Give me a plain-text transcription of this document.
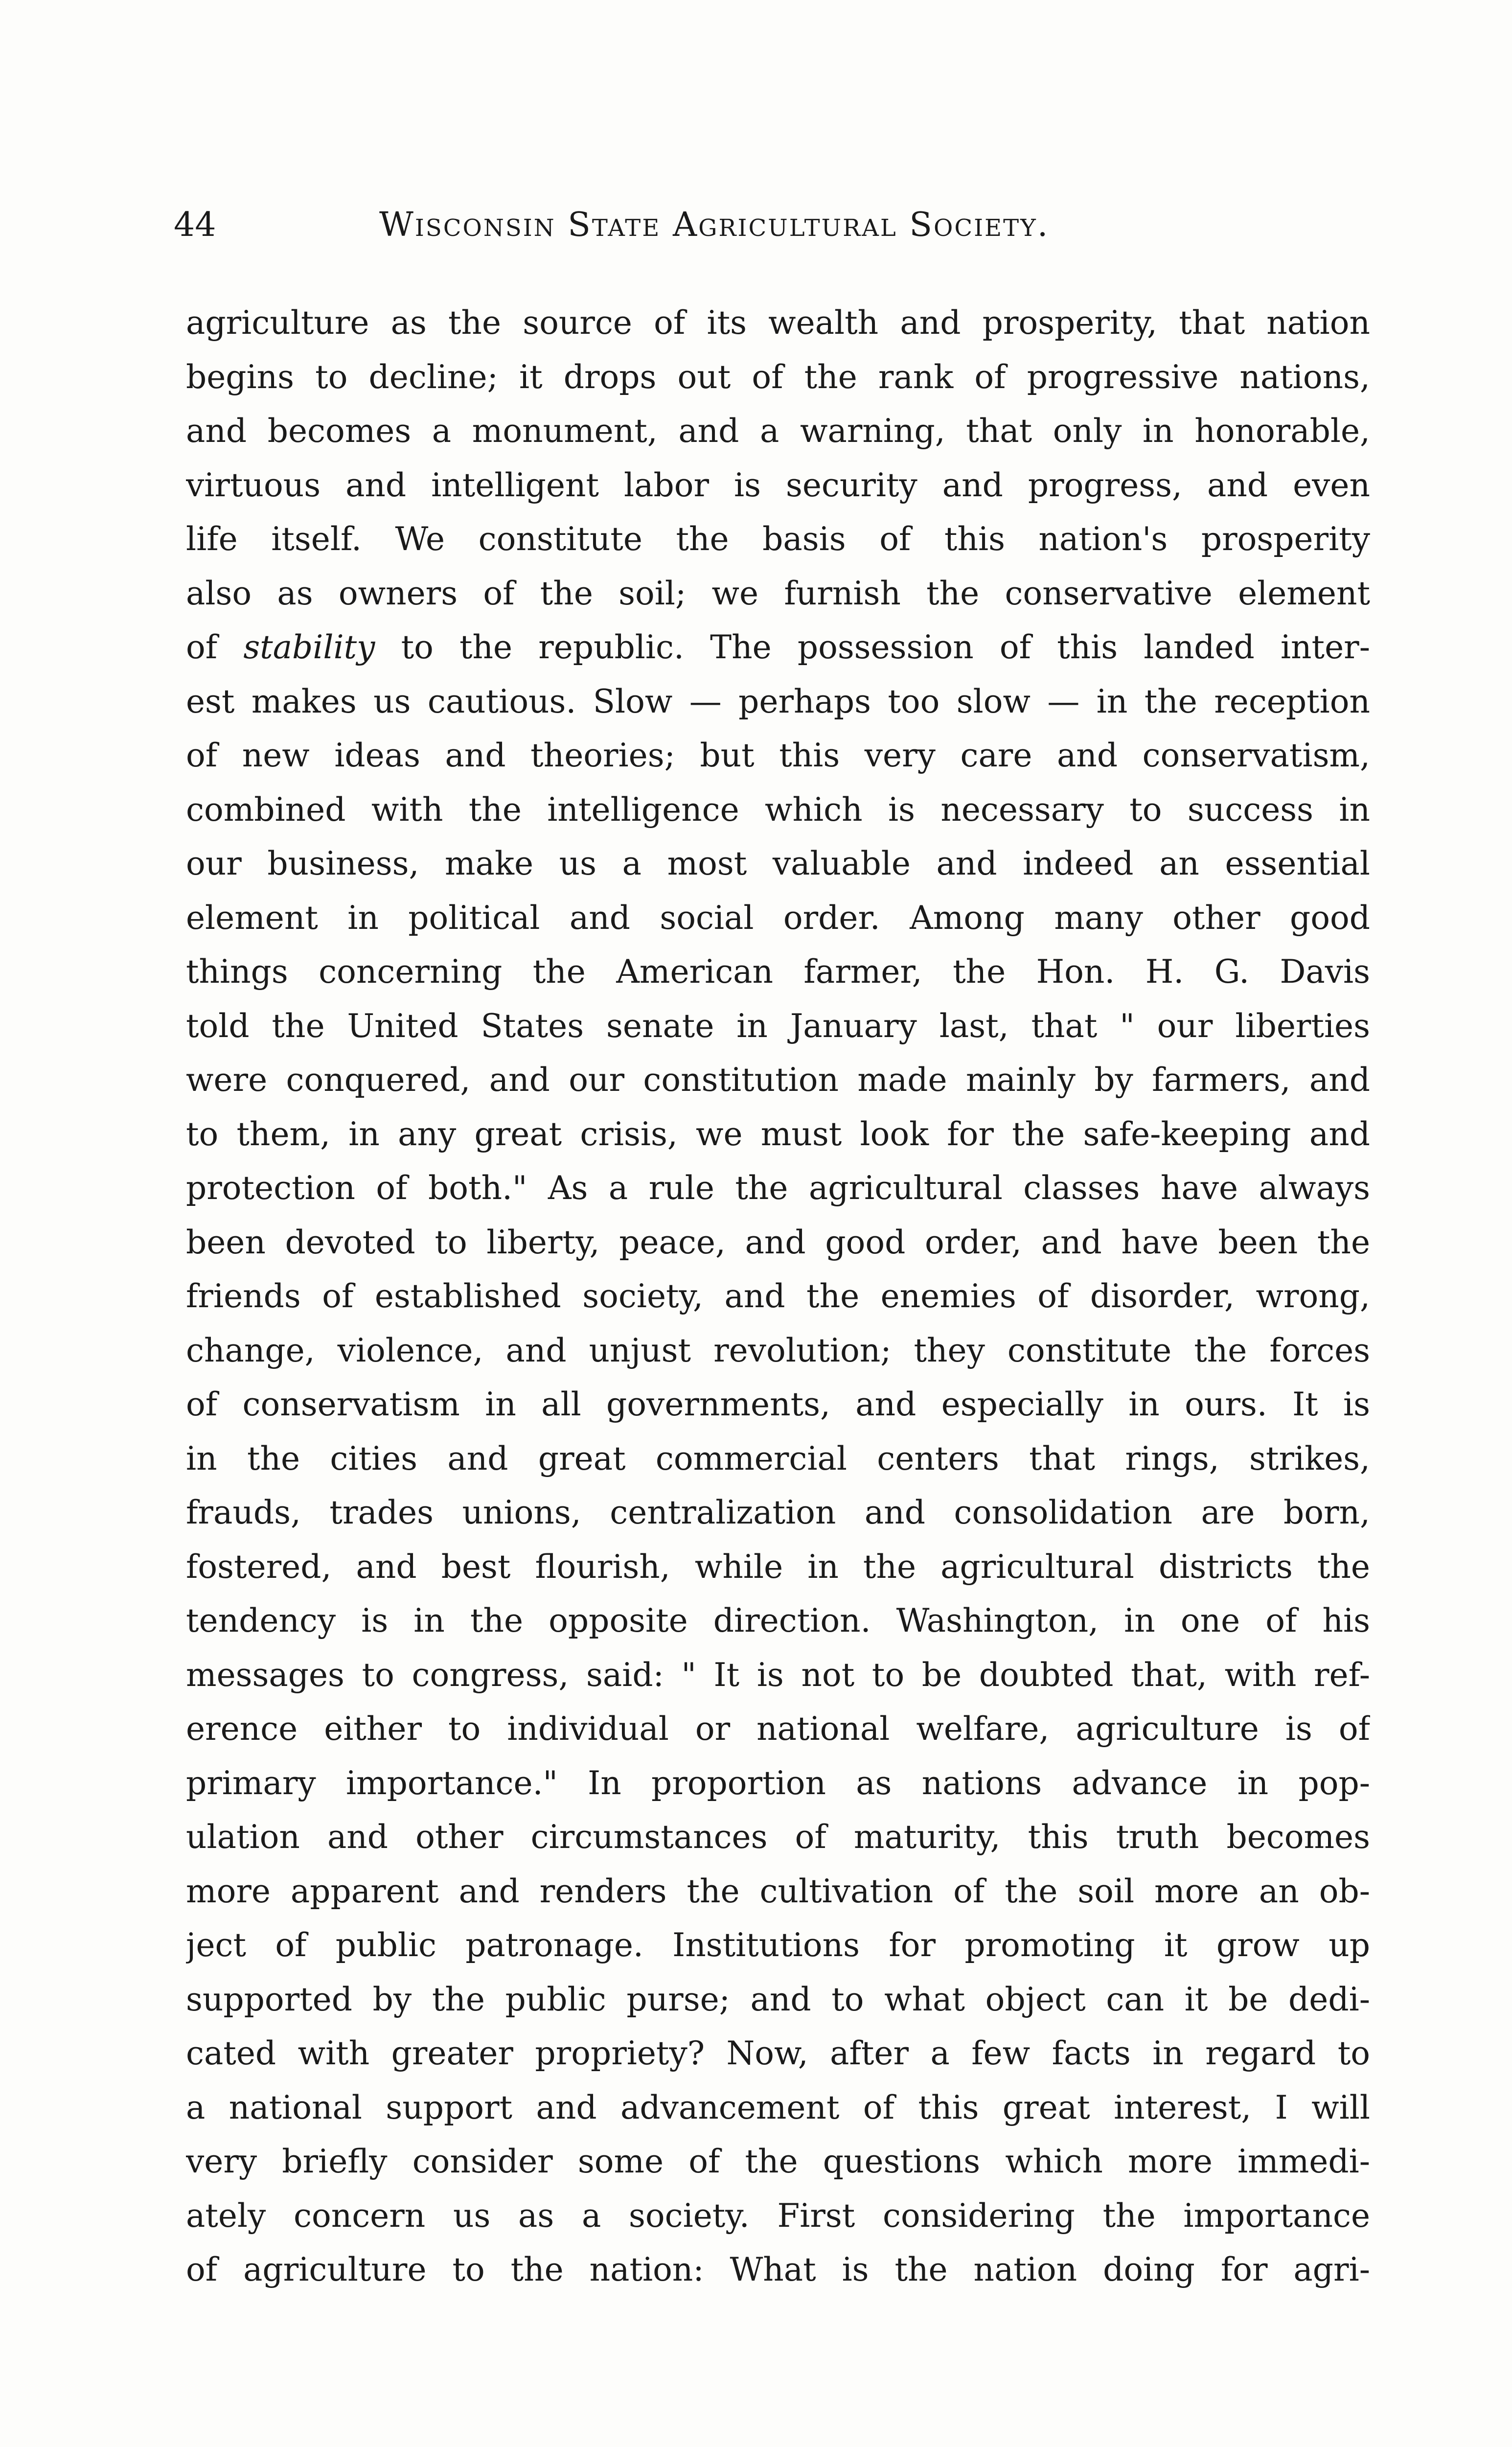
44	Wisconsin State Agricultural Society.
agriculture as the source of its wealth and prosperity, that nation
begins to decline; it drops out of the rank of progressive nations,
and becomes a monument, and a warning, that only in honorable,
virtuous and intelligent labor is security and progress, and even
life itself. We constitute the basis of this nation's prosperity
also as owners of the soil; we furnish the conservative element
of stability to the republic. The possession of this landed inter-
est makes us cautious. Slow — perhaps too slow — in the reception
of new ideas and theories; but this very care and conservatism,
combined with the intelligence which is necessary to success in
our business, make us a most valuable and indeed an essential
element in political and social order. Among many other good
things concerning the American farmer, the Hon. H. G. Davis
told the United States senate in January last, that " our liberties
were conquered, and our constitution made mainly by farmers, and
to them, in any great crisis, we must look for the safe-keeping and
protection of both." As a rule the agricultural classes have always
been devoted to liberty, peace, and good order, and have been the
friends of established society, and the enemies of disorder, wrong,
change, violence, and unjust revolution; they constitute the forces
of conservatism in all governments, and especially in ours. It is
in the cities and great commercial centers that rings, strikes,
frauds, trades unions, centralization and consolidation are born,
fostered, and best flourish, while in the agricultural districts the
tendency is in the opposite direction. Washington, in one of his
messages to congress, said: " It is not to be doubted that, with ref-
erence either to individual or national welfare, agriculture is of
primary importance." In proportion as nations advance in pop-
ulation and other circumstances of maturity, this truth becomes
more apparent and renders the cultivation of the soil more an ob-
ject of public patronage. Institutions for promoting it grow up
supported by the public purse; and to what object can it be dedi-
cated with greater propriety? Now, after a few facts in regard to
a national support and advancement of this great interest, I will
very briefly consider some of the questions which more immedi-
ately concern us as a society. First considering the importance
of agriculture to the nation: What is the nation doing for agri-
